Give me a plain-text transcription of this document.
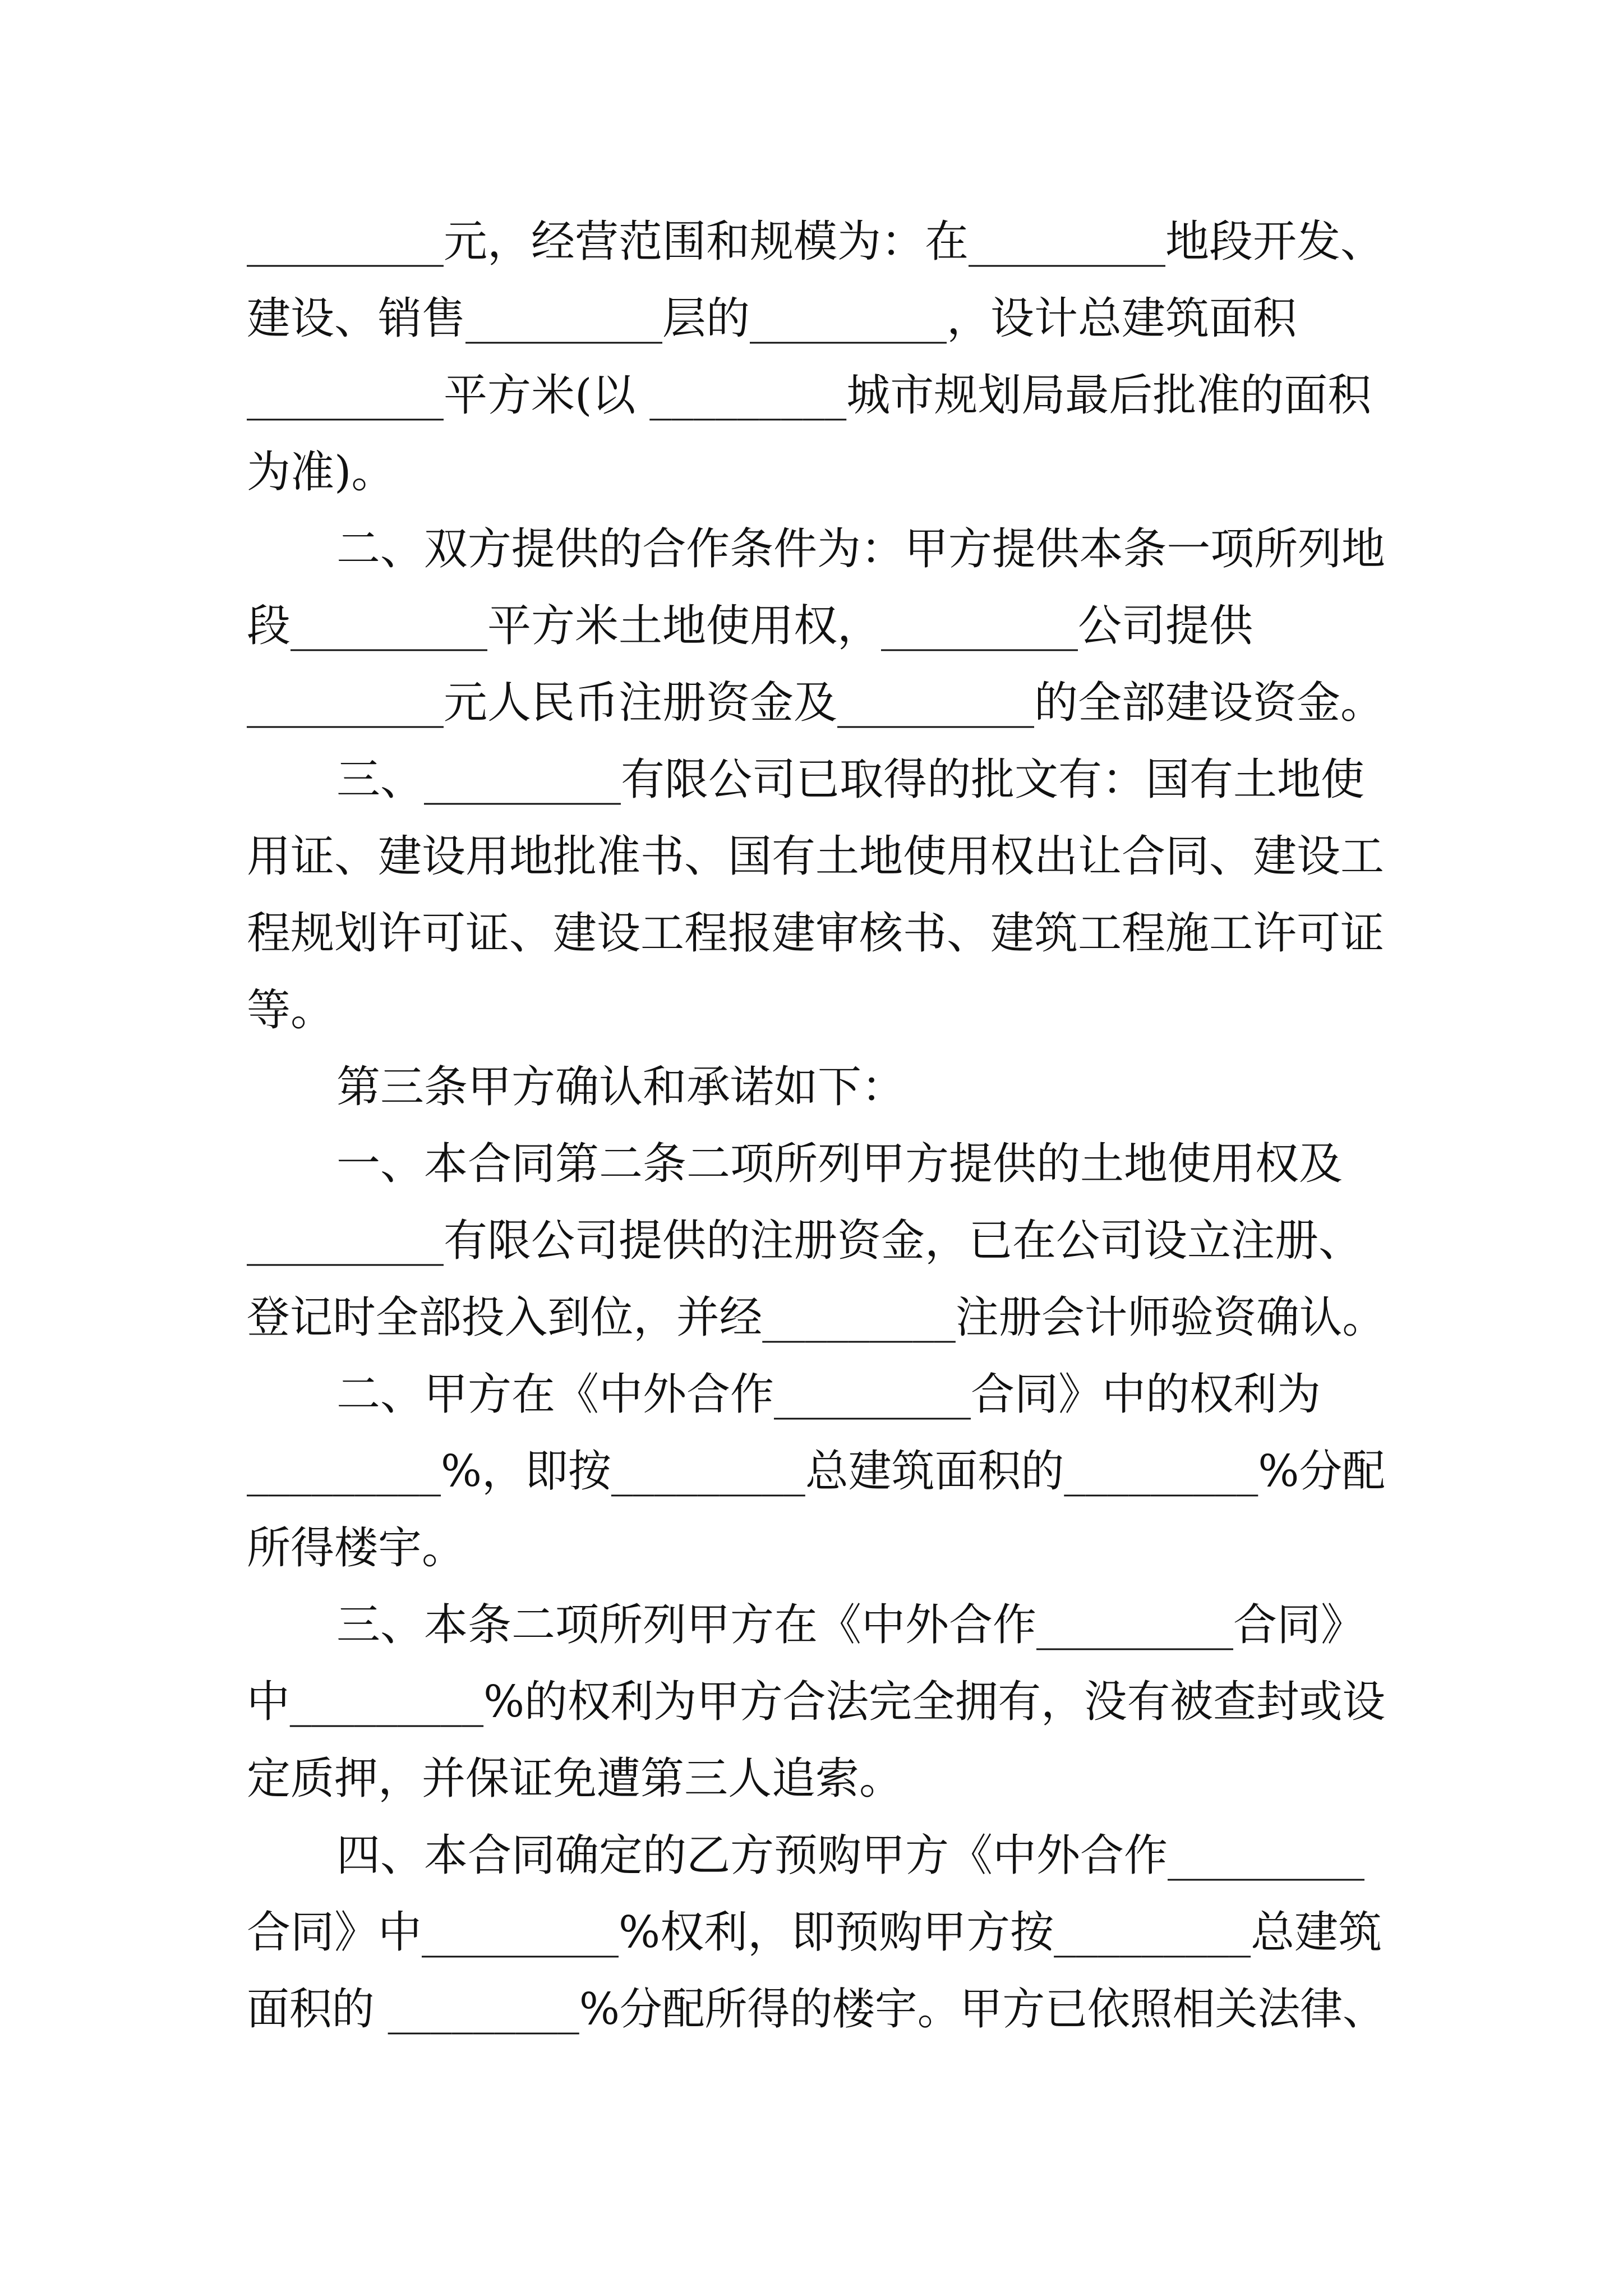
_________元，经营范围和规模为：在_________地段开发、
建设、销售_________层的_________，设计总建筑面积
_________平方米(以 _________城市规划局最后批准的面积
为准)。
二、双方提供的合作条件为：甲方提供本条一项所列地
段_________平方米土地使用权，_________公司提供
_________元人民币注册资金及_________的全部建设资金。
三、_________有限公司已取得的批文有：国有土地使
用证、建设用地批准书、国有土地使用权出让合同、建设工
程规划许可证、建设工程报建审核书、建筑工程施工许可证
等。
第三条甲方确认和承诺如下：
一、本合同第二条二项所列甲方提供的土地使用权及
_________有限公司提供的注册资金，已在公司设立注册、
登记时全部投入到位，并经_________注册会计师验资确认。
二、甲方在《中外合作_________合同》中的权利为
_________%，即按_________总建筑面积的_________%分配
所得楼宇。
三、本条二项所列甲方在《中外合作_________合同》
中_________%的权利为甲方合法完全拥有，没有被查封或设
定质押，并保证免遭第三人追索。
四、本合同确定的乙方预购甲方《中外合作_________
合同》中_________%权利，即预购甲方按_________总建筑
面积的 _________%分配所得的楼宇。甲方已依照相关法律、
